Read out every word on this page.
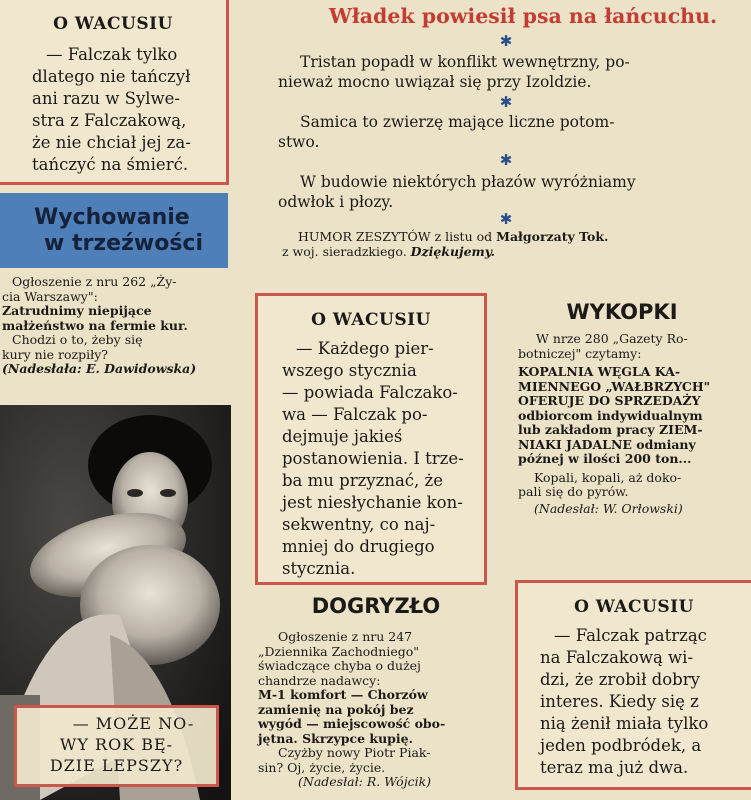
O WACUSIU
— Falczak tylko
dlatego nie tańczył
ani razu w Sylwe-
stra z Falczakową,
że nie chciał jej za-
tańczyć na śmierć.
Władek powiesił psa na łańcuchu.
✱
Tristan popadł w konflikt wewnętrzny, po-
nieważ mocno uwiązał się przy Izoldzie.
✱
Samica to zwierzę mające liczne potom-
stwo.
✱
W budowie niektórych płazów wyróżniamy
odwłok i płozy.
✱
HUMOR ZESZYTÓW z listu od Małgorzaty Tok.
z woj. sieradzkiego. Dziękujemy.
Wychowanie
w trzeźwości
Ogłoszenie z nru 262 „Ży-
cia Warszawy":
Zatrudnimy niepijące
małżeństwo na fermie kur.
Chodzi o to, żeby się
kury nie rozpiły?
(Nadesłała: E. Dawidowska)
— MOŻE NO-
WY ROK BĘ-
DZIE LEPSZY?
O WACUSIU
— Każdego pier-
wszego stycznia
— powiada Falczako-
wa — Falczak po-
dejmuje jakieś
postanowienia. I trze-
ba mu przyznać, że
jest niesłychanie kon-
sekwentny, co naj-
mniej do drugiego
stycznia.
WYKOPKI
W nrze 280 „Gazety Ro-
botniczej" czytamy:
KOPALNIA WĘGLA KA-
MIENNEGO „WAŁBRZYCH"
OFERUJE DO SPRZEDAŻY
odbiorcom indywidualnym
lub zakładom pracy ZIEM-
NIAKI JADALNE odmiany
późnej w ilości 200 ton...
Kopali, kopali, aż doko-
pali się do pyrów.
(Nadesłał: W. Orłowski)
DOGRYZŁO
Ogłoszenie z nru 247
„Dziennika Zachodniego"
świadczące chyba o dużej
chandrze nadawcy:
M-1 komfort — Chorzów
zamienię na pokój bez
wygód — miejscowość obo-
jętna. Skrzypce kupię.
Czyżby nowy Piotr Piak-
sin? Oj, życie, życie.
(Nadesłał: R. Wójcik)
O WACUSIU
— Falczak patrząc
na Falczakową wi-
dzi, że zrobił dobry
interes. Kiedy się z
nią żenił miała tylko
jeden podbródek, a
teraz ma już dwa.
